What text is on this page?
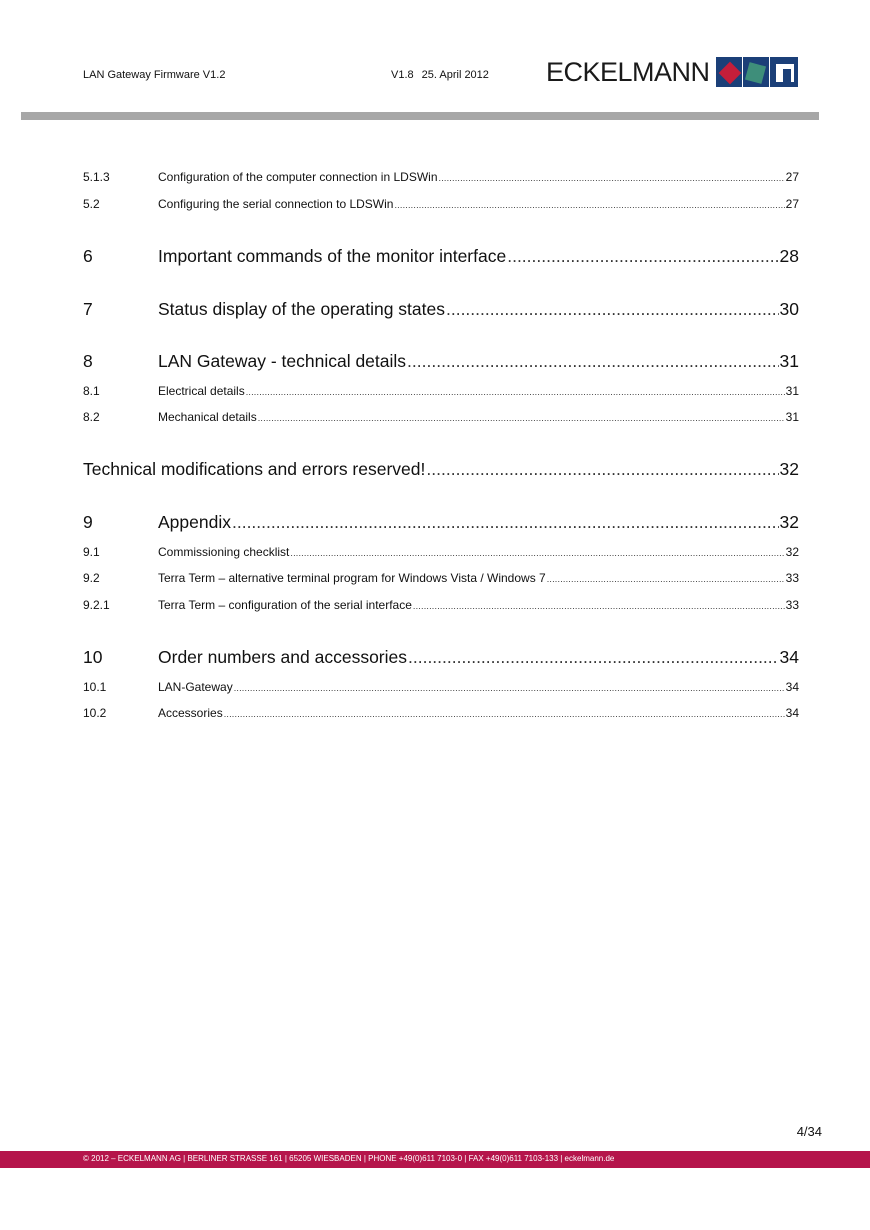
LAN Gateway Firmware V1.2	V1.8 25. April 2012 ECKELMANN
5.1.3	Configuration of the computer connection in LDSWin .....	27
5.2	Configuring the serial connection to LDSWin .....	27
6	Important commands of the monitor interface .....	28
7	Status display of the operating states .....	30
8	LAN Gateway - technical details .....	31
8.1	Electrical details .....	31
8.2	Mechanical details .....	31
Technical modifications and errors reserved! .....	32
9	Appendix .....	32
9.1	Commissioning checklist .....	32
9.2	Terra Term – alternative terminal program for Windows Vista / Windows 7 .....	33
9.2.1	Terra Term – configuration of the serial interface .....	33
10	Order numbers and accessories .....	34
10.1	LAN-Gateway .....	34
10.2	Accessories .....	34
4/34
© 2012 – ECKELMANN AG | BERLINER STRASSE 161 | 65205 WIESBADEN | PHONE +49(0)611 7103-0 | FAX +49(0)611 7103-133 | eckelmann.de
